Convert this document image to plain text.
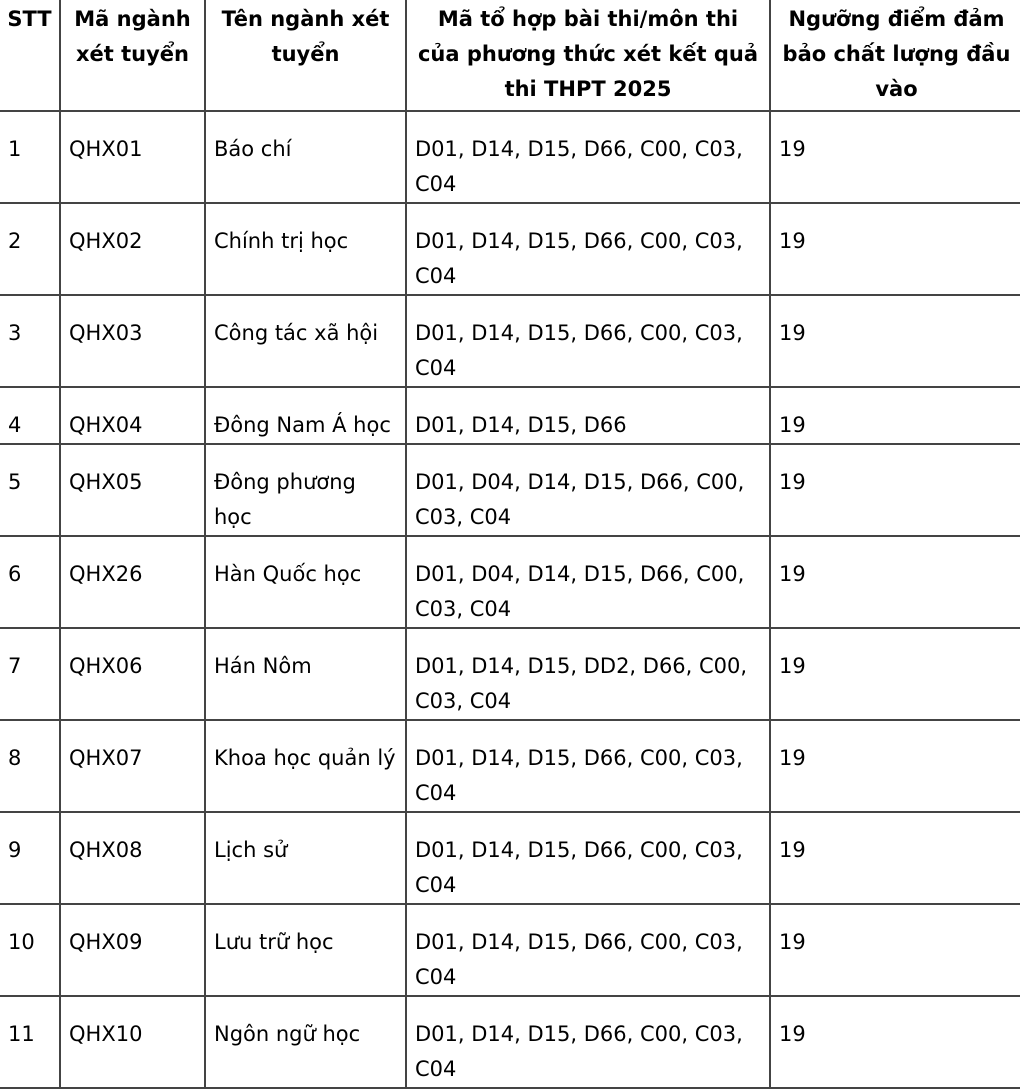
STT	Mã ngành xét tuyển	Tên ngành xét tuyển	Mã tổ hợp bài thi/môn thi của phương thức xét kết quả thi THPT 2025	Ngưỡng điểm đảm bảo chất lượng đầu vào
1	QHX01	Báo chí	D01, D14, D15, D66, C00, C03, C04	19
2	QHX02	Chính trị học	D01, D14, D15, D66, C00, C03, C04	19
3	QHX03	Công tác xã hội	D01, D14, D15, D66, C00, C03, C04	19
4	QHX04	Đông Nam Á học	D01, D14, D15, D66	19
5	QHX05	Đông phương học	D01, D04, D14, D15, D66, C00, C03, C04	19
6	QHX26	Hàn Quốc học	D01, D04, D14, D15, D66, C00, C03, C04	19
7	QHX06	Hán Nôm	D01, D14, D15, DD2, D66, C00, C03, C04	19
8	QHX07	Khoa học quản lý	D01, D14, D15, D66, C00, C03, C04	19
9	QHX08	Lịch sử	D01, D14, D15, D66, C00, C03, C04	19
10	QHX09	Lưu trữ học	D01, D14, D15, D66, C00, C03, C04	19
11	QHX10	Ngôn ngữ học	D01, D14, D15, D66, C00, C03, C04	19
